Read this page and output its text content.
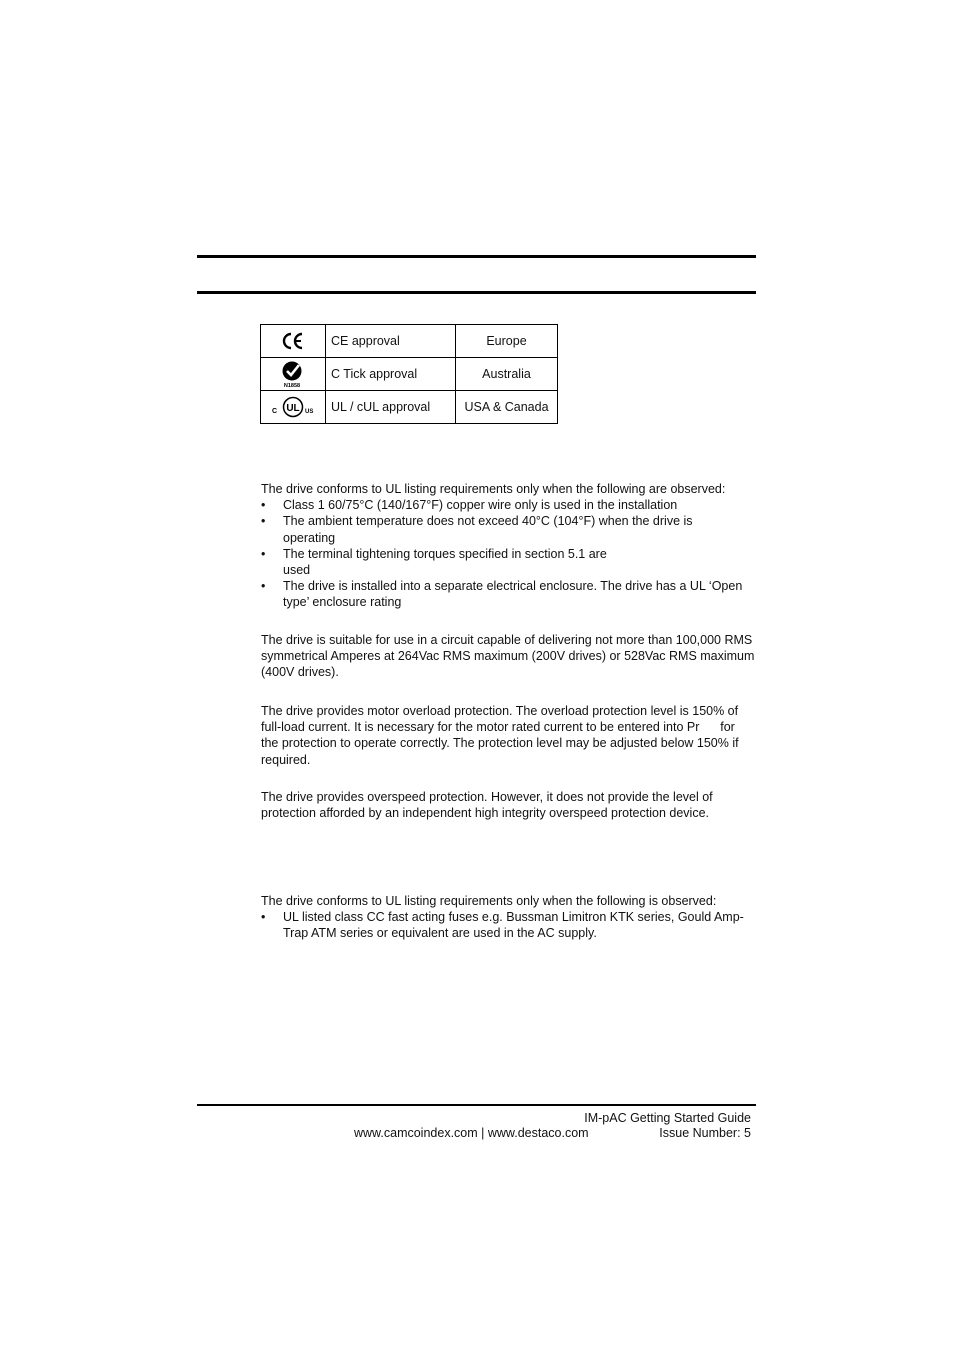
	CE approval	Europe

N1858	C Tick approval	Australia

C UL US	UL / cUL approval	USA & Canada

The drive conforms to UL listing requirements only when the following are observed:

• Class 1 60/75°C (140/167°F) copper wire only is used in the installation
• The ambient temperature does not exceed 40°C (104°F) when the drive is operating
• The terminal tightening torques specified in section 5.1 are used
• The drive is installed into a separate electrical enclosure. The drive has a UL ‘Open type’ enclosure rating

The drive is suitable for use in a circuit capable of delivering not more than 100,000 RMS symmetrical Amperes at 264Vac RMS maximum (200V drives) or 528Vac RMS maximum (400V drives).

The drive provides motor overload protection. The overload protection level is 150% of full-load current. It is necessary for the motor rated current to be entered into Pr for the protection to operate correctly. The protection level may be adjusted below 150% if required.

The drive provides overspeed protection. However, it does not provide the level of protection afforded by an independent high integrity overspeed protection device.

The drive conforms to UL listing requirements only when the following is observed:

• UL listed class CC fast acting fuses e.g. Bussman Limitron KTK series, Gould Amp-Trap ATM series or equivalent are used in the AC supply.
IM-pAC Getting Started Guide
www.camcoindex.com | www.destaco.com	Issue Number: 5
